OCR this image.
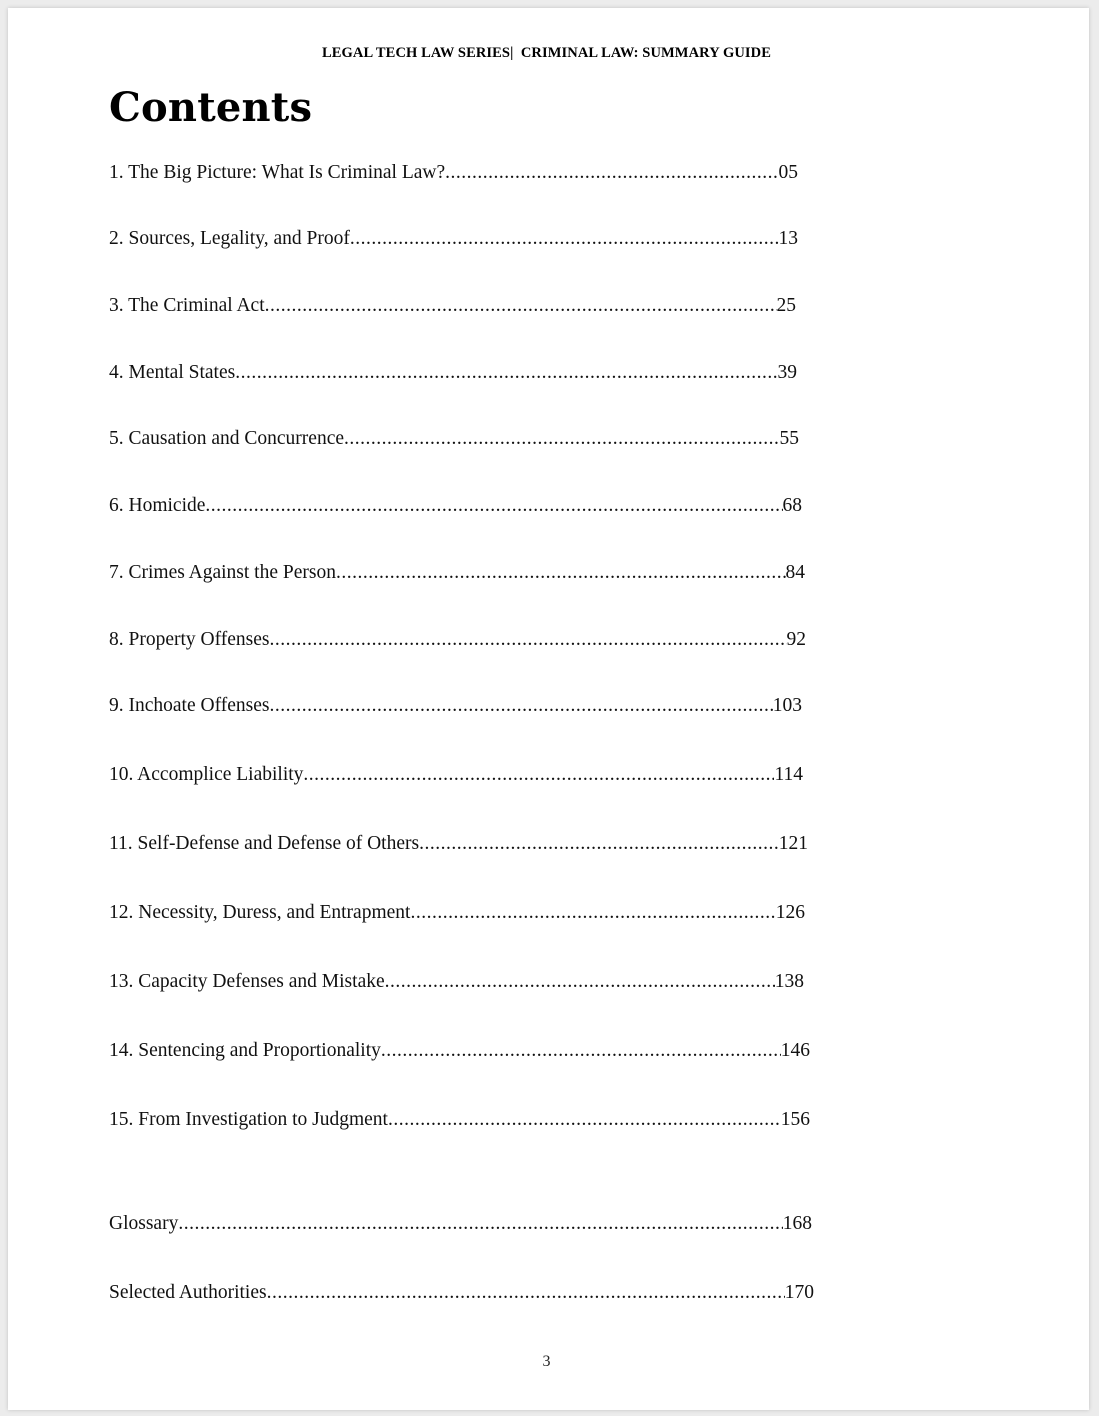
LEGAL TECH LAW SERIES|  CRIMINAL LAW: SUMMARY GUIDE
Contents
1. The Big Picture: What Is Criminal Law? .....	05
2. Sources, Legality, and Proof .....	13
3. The Criminal Act .....	25
4. Mental States .....	39
5. Causation and Concurrence .....	55
6. Homicide .....	68
7. Crimes Against the Person .....	84
8. Property Offenses .....	92
9. Inchoate Offenses .....	103
10. Accomplice Liability .....	114
11. Self-Defense and Defense of Others .....	121
12. Necessity, Duress, and Entrapment .....	126
13. Capacity Defenses and Mistake .....	138
14. Sentencing and Proportionality .....	146
15. From Investigation to Judgment .....	156
Glossary .....	168
Selected Authorities .....	170
3
